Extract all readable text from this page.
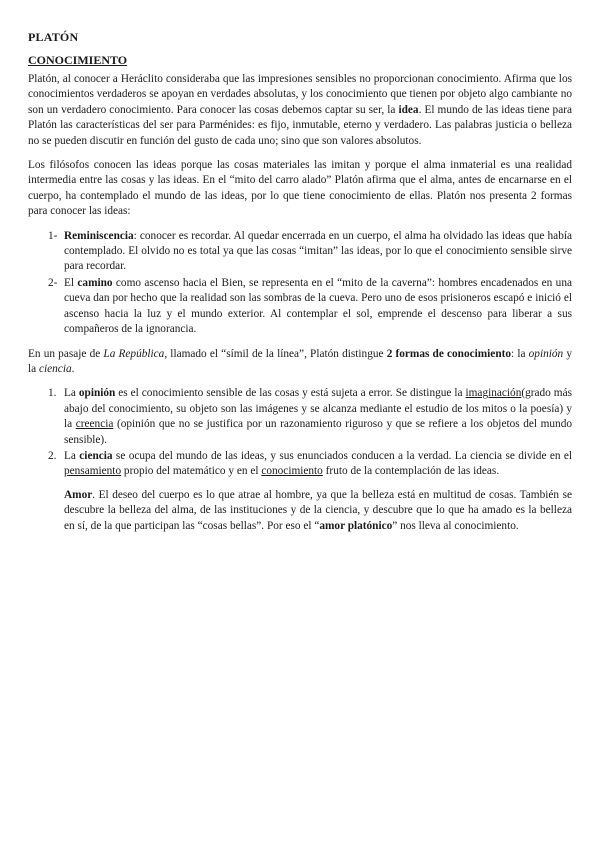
PLATÓN
CONOCIMIENTO

Platón, al conocer a Heráclito consideraba que las impresiones sensibles no proporcionan conocimiento. Afirma que los conocimientos verdaderos se apoyan en verdades absolutas, y los conocimiento que tienen por objeto algo cambiante no son un verdadero conocimiento. Para conocer las cosas debemos captar su ser, la idea. El mundo de las ideas tiene para Platón las características del ser para Parménides: es fijo, inmutable, eterno y verdadero. Las palabras justicia o belleza no se pueden discutir en función del gusto de cada uno; sino que son valores absolutos.

Los filósofos conocen las ideas porque las cosas materiales las imitan y porque el alma inmaterial es una realidad intermedia entre las cosas y las ideas. En el “mito del carro alado” Platón afirma que el alma, antes de encarnarse en el cuerpo, ha contemplado el mundo de las ideas, por lo que tiene conocimiento de ellas. Platón nos presenta 2 formas para conocer las ideas:

1- Reminiscencia: conocer es recordar. Al quedar encerrada en un cuerpo, el alma ha olvidado las ideas que había contemplado. El olvido no es total ya que las cosas “imitan” las ideas, por lo que el conocimiento sensible sirve para recordar.
2- El camino como ascenso hacia el Bien, se representa en el “mito de la caverna”: hombres encadenados en una cueva dan por hecho que la realidad son las sombras de la cueva. Pero uno de esos prisioneros escapó e inició el ascenso hacia la luz y el mundo exterior. Al contemplar el sol, emprende el descenso para liberar a sus compañeros de la ignorancia.

En un pasaje de La República, llamado el “símil de la línea”, Platón distingue 2 formas de conocimiento: la opinión y la ciencia.

1. La opinión es el conocimiento sensible de las cosas y está sujeta a error. Se distingue la imaginación(grado más abajo del conocimiento, su objeto son las imágenes y se alcanza mediante el estudio de los mitos o la poesía) y la creencia (opinión que no se justifica por un razonamiento riguroso y que se refiere a los objetos del mundo sensible).
2. La ciencia se ocupa del mundo de las ideas, y sus enunciados conducen a la verdad. La ciencia se divide en el pensamiento propio del matemático y en el conocimiento fruto de la contemplación de las ideas.

Amor. El deseo del cuerpo es lo que atrae al hombre, ya que la belleza está en multitud de cosas. También se descubre la belleza del alma, de las instituciones y de la ciencia, y descubre que lo que ha amado es la belleza en sí, de la que participan las “cosas bellas”. Por eso el “amor platónico” nos lleva al conocimiento.
